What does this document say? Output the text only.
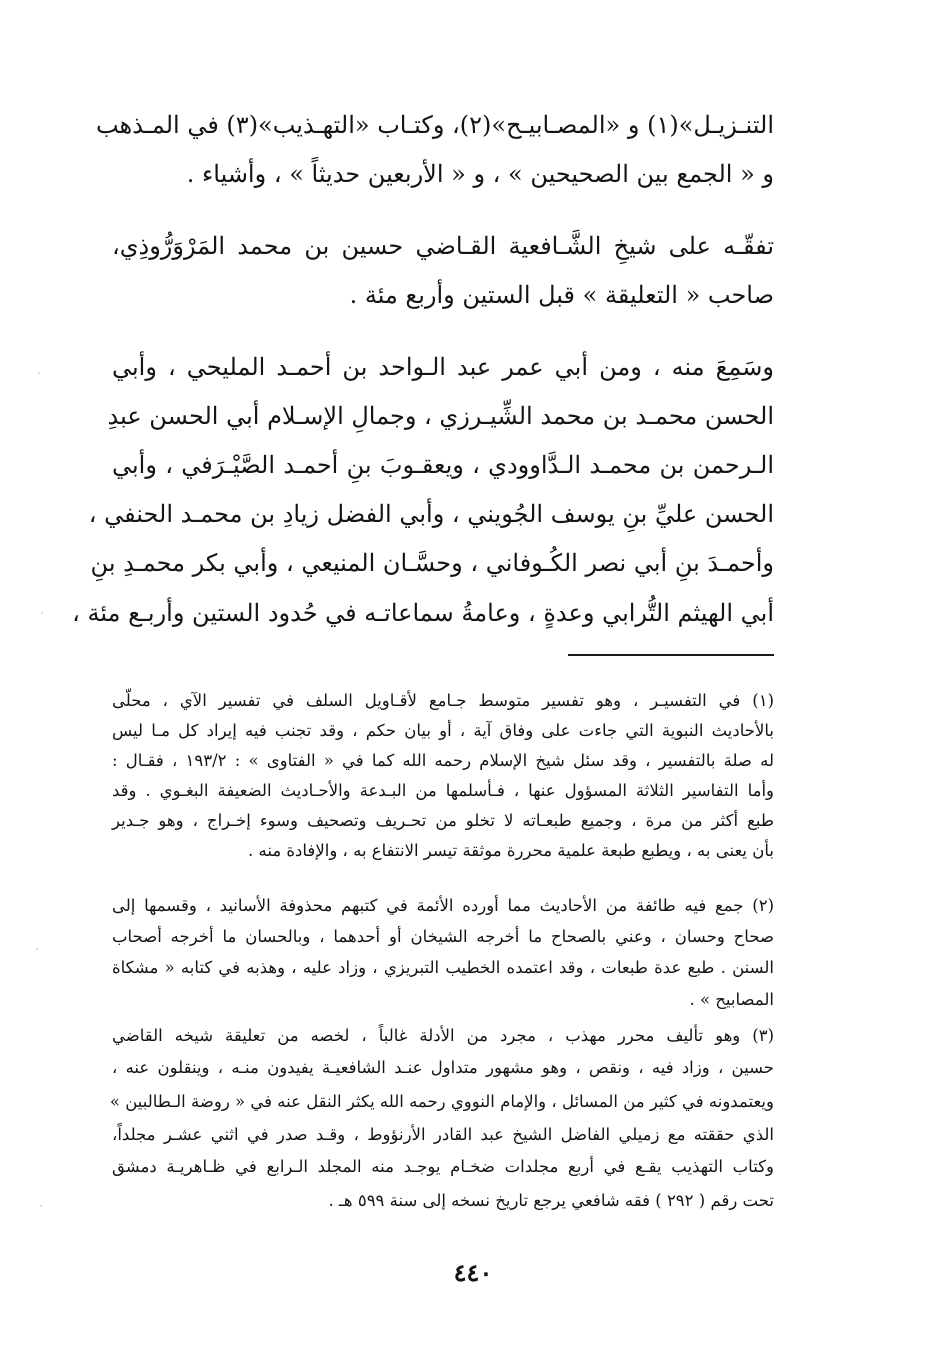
التنـزيـل»(١) و «المصـابيـح»(٢)، وكتـاب «التهـذيب»(٣) في المـذهب
و « الجمع بين الصحيحين » ، و « الأربعين حديثاً » ، وأشياء .
تفقّـه على شيخِ الشَّـافعية القـاضي حسين بن محمد المَرْوَرُّوذِي،
صاحب « التعليقة » قبل الستين وأربع مئة .
وسَمِعَ منه ، ومن أبي عمر عبد الـواحد بن أحمـد المليحي ، وأبي
الحسن محمـد بن محمد الشِّيـرزي ، وجمالِ الإسـلام أبي الحسن عبدِ
الـرحمن بن محمـد الـدَّاوودي ، ويعقـوبَ بنِ أحمـد الصَّيْـرَفي ، وأبي
الحسن عليِّ بنِ يوسف الجُويني ، وأبي الفضل زيادِ بن محمـد الحنفي ،
وأحمـدَ بنِ أبي نصر الكُـوفاني ، وحسَّـان المنيعي ، وأبي بكر محمـدِ بنِ
أبي الهيثم التُّرابي وعدةٍ ، وعامةُ سماعاتـه في حُدود الستين وأربـع مئة ،
(١) في التفسيـر ، وهو تفسير متوسط جـامع لأقـاويل السلف في تفسير الآي ، محلّى
بالأحاديث النبوية التي جاءت على وفاق آية ، أو بيان حكم ، وقد تجنب فيه إيراد كل مـا ليس
له صلة بالتفسير ، وقد سئل شيخ الإسلام رحمه الله كما في « الفتاوى » : ١٩٣/٢ ، فقـال :
وأما التفاسير الثلاثة المسؤول عنها ، فـأسلمها من البـدعة والأحـاديث الضعيفة البغـوي . وقد
طبع أكثر من مرة ، وجميع طبعـاته لا تخلو من تحـريف وتصحيف وسوء إخـراج ، وهو جـدير
بأن يعنى به ، ويطبع طبعة علمية محررة موثقة تيسر الانتفاع به ، والإفادة منه .
(٢) جمع فيه طائفة من الأحاديث مما أورده الأئمة في كتبهم محذوفة الأسانيد ، وقسمها إلى
صحاح وحسان ، وعني بالصحاح ما أخرجه الشيخان أو أحدهما ، وبالحسان ما أخرجه أصحاب
السنن . طبع عدة طبعات ، وقد اعتمده الخطيب التبريزي ، وزاد عليه ، وهذبه في كتابه « مشكاة
المصابيح » .
(٣) وهو تأليف محرر مهذب ، مجرد من الأدلة غالباً ، لخصه من تعليقة شيخه القاضي
حسين ، وزاد فيه ، ونقص ، وهو مشهور متداول عنـد الشافعيـة يفيدون منـه ، وينقلون عنه ،
ويعتمدونه في كثير من المسائل ، والإمام النووي رحمه الله يكثر النقل عنه في « روضة الـطالبين »
الذي حققته مع زميلي الفاضل الشيخ عبد القادر الأرنؤوط ، وقـد صدر في اثني عشـر مجلداً،
وكتاب التهذيب يقـع في أربع مجلدات ضخـام يوجـد منه المجلد الـرابع في ظـاهريـة دمشق
تحت رقم ( ٢٩٢ ) فقه شافعي يرجع تاريخ نسخه إلى سنة ٥٩٩ هـ .
٤٤٠
